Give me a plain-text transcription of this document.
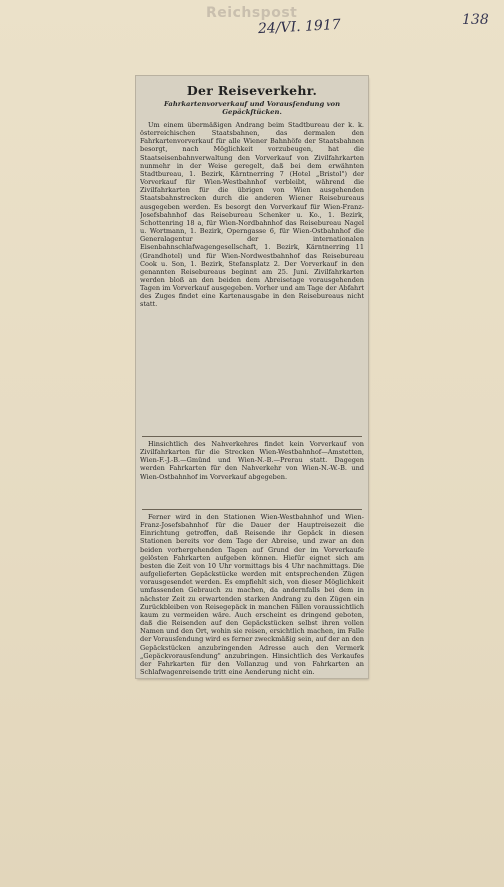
Reichspost
24/VI. 1917	138
Der Reiseverkehr.
Fahrkartenvorverkauf und Vorausſendung von Gepäckſtücken.

Um einem übermäßigen Andrang beim Stadtbureau der k. k. österreichischen Staatsbahnen, das dermalen den Fahrkartenvorverkauf für alle Wiener Bahnhöfe der Staatsbahnen besorgt, nach Möglichkeit vorzubeugen, hat die Staatseisenbahnverwaltung den Vorverkauf von Zivilfahrkarten nunmehr in der Weise geregelt, daß bei dem erwähnten Stadtbureau, 1. Bezirk, Kärntnerring 7 (Hotel „Bristol") der Vorverkauf für Wien-Westbahnhof verbleibt, während die Zivilfahrkarten für die übrigen von Wien ausgehenden Staatsbahnstrecken durch die anderen Wiener Reisebureaus ausgegeben werden. Es besorgt den Vorverkauf für Wien-Franz-Josefsbahnhof das Reisebureau Schenker u. Ko., 1. Bezirk, Schottenring 18 a, für Wien-Nordbahnhof das Reisebureau Nagel u. Wortmann, 1. Bezirk, Operngasse 6, für Wien-Ostbahnhof die Generalagentur der internationalen Eisenbahnschlafwagengesellschaft, 1. Bezirk, Kärntnerring 11 (Grandhotel) und für Wien-Nordwestbahnhof das Reisebureau Cook u. Son, 1. Bezirk, Stefansplatz 2. Der Vorverkauf in den genannten Reisebureaus beginnt am 25. Juni. Zivilfahrkarten werden bloß an den beiden dem Abreisetage vorausgehenden Tagen im Vorverkauf ausgegeben. Vorher und am Tage der Abfahrt des Zuges findet eine Kartenausgabe in den Reisebureaus nicht statt.

Hinsichtlich des Nahverkehres findet kein Vorverkauf von Zivilfahrkarten für die Strecken Wien-Westbahnhof—Amstetten, Wien-F.-J.-B.—Gmünd und Wien-N.-B.—Prerau statt. Dagegen werden Fahrkarten für den Nahverkehr von Wien-N.-W.-B. und Wien-Ostbahnhof im Vorverkauf abgegeben.

Ferner wird in den Stationen Wien-Westbahnhof und Wien-Franz-Josefsbahnhof für die Dauer der Hauptreisezeit die Einrichtung getroffen, daß Reisende ihr Gepäck in diesen Stationen bereits vor dem Tage der Abreise, und zwar an den beiden vorhergehenden Tagen auf Grund der im Vorverkaufe gelösten Fahrkarten aufgeben können. Hiefür eignet sich am besten die Zeit von 10 Uhr vormittags bis 4 Uhr nachmittags. Die aufgelieferten Gepäckstücke werden mit entsprechenden Zügen vorausgesendet werden. Es empfiehlt sich, von dieser Möglichkeit umfassenden Gebrauch zu machen, da andernfalls bei dem in nächster Zeit zu erwartenden starken Andrang zu den Zügen ein Zurückbleiben von Reisegepäck in manchen Fällen voraussichtlich kaum zu vermeiden wäre. Auch erscheint es dringend geboten, daß die Reisenden auf den Gepäckstücken selbst ihren vollen Namen und den Ort, wohin sie reisen, ersichtlich machen, im Falle der Vorausſendung wird es ferner zweckmäßig sein, auf der an den Gepäckstücken anzubringenden Adresse auch den Vermerk „Gepäckvorausſendung" anzubringen. Hinsichtlich des Verkaufes der Fahrkarten für den Vollanzug und von Fahrkarten an Schlafwagenreisende tritt eine Aenderung nicht ein.
